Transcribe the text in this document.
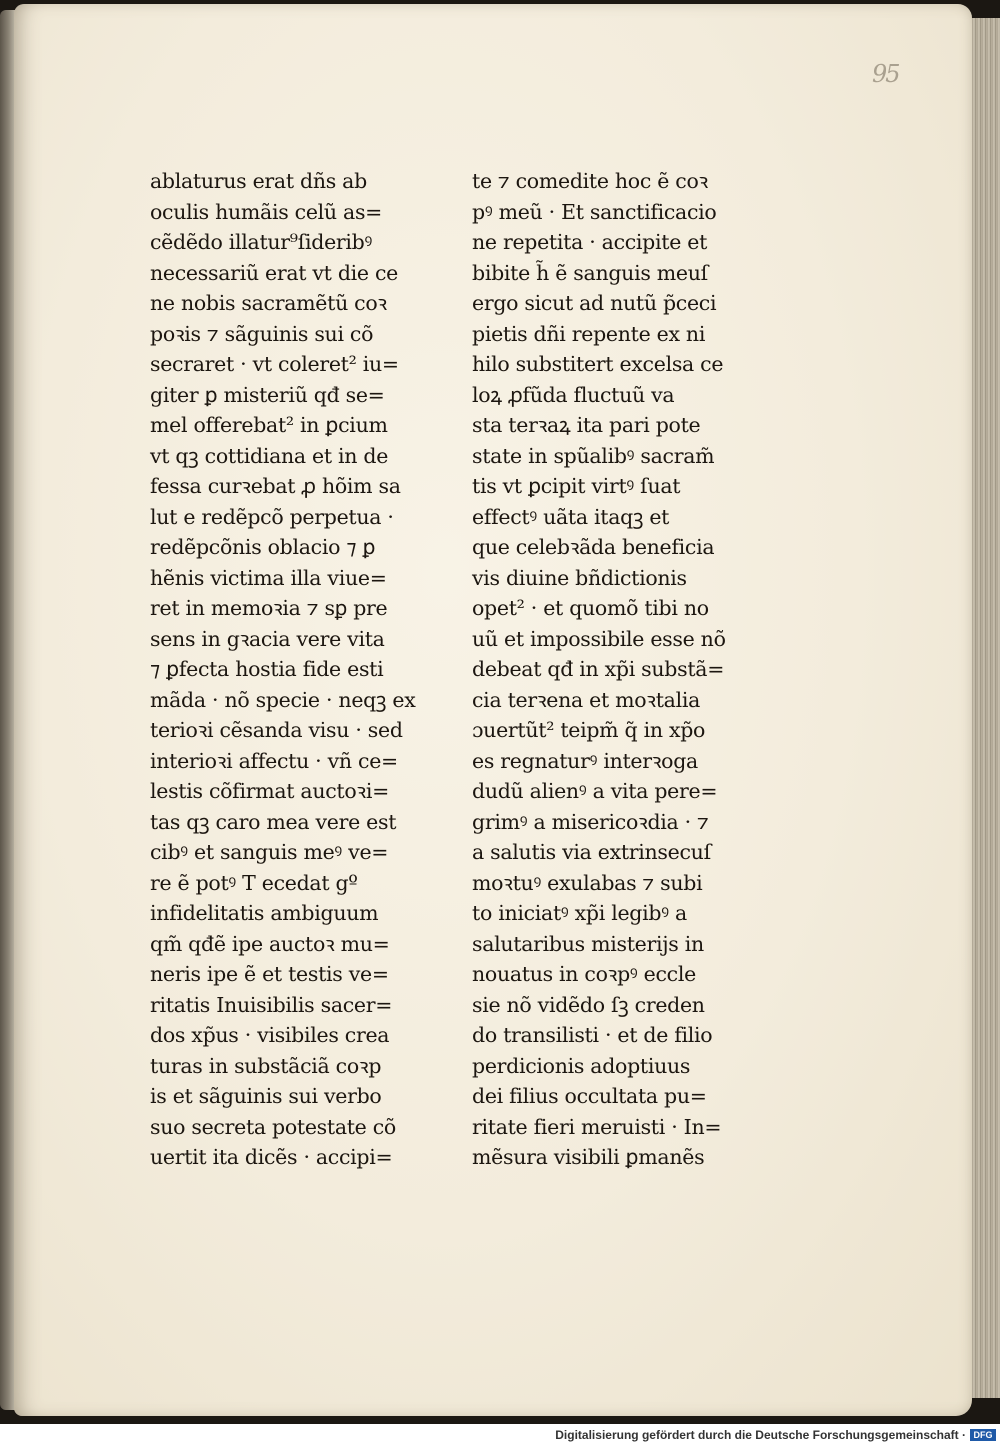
95
ablaturus erat dñs ab
oculis humãis celũ as=
cẽdẽdo illatur⁹ſideribꝰ
necessariũ erat vt die ce
ne nobis sacramẽtũ coꝛ
poꝛis ⁊ sãguinis sui cõ
secraret · vt coleret² iu=
giter ꝑ misteriũ qđ se=
mel offerebat² in ꝑcium
vt qꝫ cottidiana et in de
fessa curꝛebat ꝓ hõim sa
lut e redẽpcõ perpetua ·
redẽpcõnis oblacio ⁊ ꝑ
hẽnis victima illa viue=
ret in memoꝛia ⁊ sꝑ pre
sens in gꝛacia vere vita
⁊ ꝑfecta hostia fide esti
mãda · nõ specie · neqꝫ ex
terioꝛi cẽsanda visu · sed
interioꝛi affectu · vñ ce=
lestis cõfirmat auctoꝛi=
tas qꝫ caro mea vere est
cibꝰ et sanguis meꝰ ve=
re ẽ potꝰ T ecedat gº
infidelitatis ambiguum
qm̃ qđẽ ipe auctoꝛ mu=
neris ipe ẽ et testis ve=
ritatis Inuisibilis sacer=
dos xp̃us · visibiles crea
turas in substãciã coꝛp
is et sãguinis sui verbo
suo secreta potestate cõ
uertit ita dicẽs · accipi=
te ⁊ comedite hoc ẽ coꝛ
pꝰ meũ · Et sanctificacio
ne repetita · accipite et
bibite h̃ ẽ sanguis meuſ
ergo sicut ad nutũ p̃ceci
pietis dñi repente ex ni
hilo substitert excelsa ce
loꝝ ꝓfũda fluctuũ va
sta terꝛaꝝ ita pari pote
state in spũalibꝰ sacram̃
tis vt ꝑcipit virtꝰ ſuat
effectꝰ uãta itaqꝫ et
que celebꝛãda beneficia
vis diuine bñdictionis
opet² · et quomõ tibi no
uũ et impossibile esse nõ
debeat qđ in xp̃i substã=
cia terꝛena et moꝛtalia
ɔuertũt² teipm̃ q̃ in xp̃o
es regnaturꝰ interꝛoga
dudũ alienꝰ a vita pere=
grimꝰ a misericoꝛdia · ⁊
a salutis via extrinsecuſ
moꝛtuꝰ exulabas ⁊ subi
to iniciatꝰ xp̃i legibꝰ a
salutaribus misterijs in
nouatus in coꝛpꝰ eccle
sie nõ vidẽdo ſꝫ creden
do transilisti · et de filio
perdicionis adoptiuus
dei filius occultata pu=
ritate fieri meruisti · In=
mẽsura visibili ꝑmanẽs
Digitalisierung gefördert durch die Deutsche Forschungsgemeinschaft · DFG
